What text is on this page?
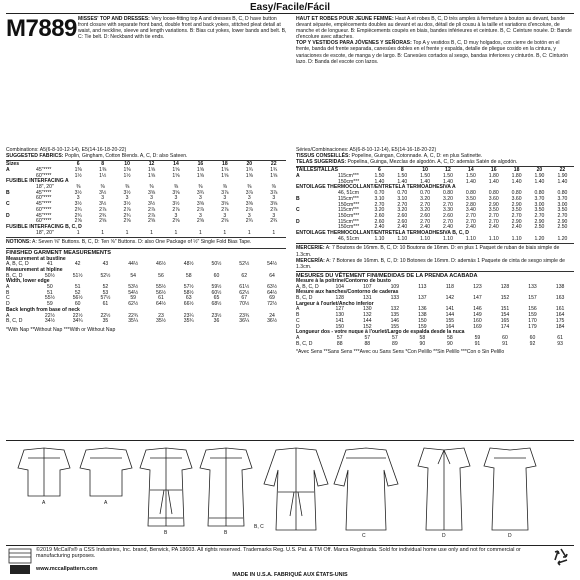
Easy/Facile/Fácil
M7889 MISSES' TOP AND DRESSES: Very loose-fitting top A and dresses B, C, D have button front closure with separate front band, double front and back yokes, stitched pleat detail at waist, and neckline, sleeve and length variations. B: Bias cut yokes, lower bands and belt. B, C: Tie belt. D: Neckband with tie ends.

HAUT ET ROBES POUR JEUNE FEMME: Haut A et robes B, C, D très amples à fermeture à bouton au devant, bande devant séparée, empiècements doubles au devant et au dos, détail de pli cousu à la taille et variations d'encolure, de manche et de longueur. B: Empiècements coupés en biais, bandes inférieures et ceinture. B, C: Ceinture nouée. D: Bande d'encolure avec attaches.

TOP Y VESTIDOS PARA JÓVENES Y SEÑORAS: Top A y vestidos B, C, D muy holgados, con cierre de botón en el frente, banda del frente separada, canesúes dobles en el frente y espalda, detalle de pliegue cosido en la cintura, y variaciones de escote, de manga y de largo. B: Canesúes cortados al sesgo, bandas inferiores y cinturón. B, C: Cinturón lazo. D: Banda del escote con lazos.

Combinations: A5(6-8-10-12-14), E5(14-16-18-20-22)

SUGGESTED FABRICS: Poplin, Gingham, Cotton Blends. A, C, D: also Sateen.

Sizes		6	8	10	12	14	16	18	20	22
A	45"****	1⅜	1⅜	1⅜	1⅝	1⅝	1⅝	1⅝	1¾	1¾
	60"****	1½	1½	1½	1⅝	1⅝	1⅝	1⅝	1⅝	1⅝
FUSIBLE INTERFACING A										
	18", 20"	⅜	⅜	⅜	⅜	⅜	⅜	⅜	⅜	⅜
B	45"****	3½	3½	3½	3⅝	3⅝	3¾	3⅞	3⅞	3⅞
	60"****	3	3	3	3	3	3	3	3	3
C	45"****	3½	3½	3½	3½	3½	3⅝	3⅝	3⅝	3⅝
	60"****	2¾	2⅞	2⅞	2⅞	2⅞	2⅞	2⅞	2⅞	2⅞
D	45"****	2¾	2¾	2¾	2⅞	3	3	3	3	3
	60"****	2⅝	2⅝	2⅝	2⅝	2⅝	2⅝	2⅝	2¾	2¾
FUSIBLE INTERFACING B, C, D										
	18", 20"	1	1	1	1	1	1	1	1	1

NOTIONS: A: Seven ⅝" Buttons. B, C, D: Ten ⅝" Buttons. D: also One Package of ½" Single Fold Bias Tape.

FINISHED GARMENT MEASUREMENTS
Measurement at bustline									
A, B, C, D	41	42	43	44½	46½	48½	50½	52½	54½
Measurement at hipline									
B, C, D	50½	51½	52½	54	56	58	60	62	64
Width, lower edge									
A	50	51	52	53½	55½	57½	59½	61½	63½
B	51	52	53	54½	56½	58½	60½	62½	64½
C	55½	56½	57½	59	61	63	65	67	69
D	59	60	61	62½	64½	66½	68½	70½	72½
Back length from base of neck									
A	22½	22½	22½	22¾	23	23¼	23½	23¾	24
B, C, D	34½	34¾	35	35¼	35½	35¾	36	36¼	36½

*With Nap **Without Nap ***With or Without Nap

Séries/Combinaciones: A5(6-8-10-12-14), E5(14-16-18-20-22)

TISSUS CONSEILLÉS: Popeline, Guingan, Cotonnade. A, C, D: en plus Satinette.

TELAS SUGERIDAS: Popelina, Guinga, Mezclas de algodón. A, C, D: además Satén de algodón.

TAILLES/TALLAS		6	8	10	12	14	16	18	20	22
A	115cm***	1.50	1.50	1.50	1.50	1.50	1.80	1.80	1.90	1.90
	150cm***	1.40	1.40	1.40	1.40	1.40	1.40	1.40	1.40	1.40
ENTOILAGE THERMOCOLLANT/ENTRETELA TERMOADHESIVA A										
	46, 51cm	0.70	0.70	0.70	0.80	0.80	0.80	0.80	0.80	0.80
B	115cm***	3.10	3.10	3.20	3.20	3.50	3.60	3.60	3.70	3.70
	150cm***	2.70	2.70	2.70	2.70	2.80	2.90	2.90	3.00	3.00
C	115cm***	3.20	3.20	3.20	3.30	3.40	3.50	3.50	3.50	3.50
	150cm***	2.60	2.60	2.60	2.60	2.70	2.70	2.70	2.70	2.70
D	115cm***	2.60	2.60	2.70	2.70	2.70	2.70	2.90	2.90	2.90
	150cm***	2.40	2.40	2.40	2.40	2.40	2.40	2.40	2.50	2.50
ENTOILAGE THERMOCOLLANT/ENTRETELA TERMOADHESIVA B, C, D										
	46, 51cm	1.10	1.10	1.10	1.10	1.10	1.10	1.10	1.20	1.20

MERCERIE: A: 7 Boutons de 16mm. B, C, D: 10 Boutons de 16mm. D: en plus 1 Paquet de ruban de biais simple de 1.3cm.

MERCERÍA: A: 7 Botones de 16mm. B, C, D: 10 Botones de 16mm. D: además 1 Paquete de cinta de sesgo simple de 1.3cm.

MESURES DU VÊTEMENT FINI/MEDIDAS DE LA PRENDA ACABADA
Mesure à la poitrine/Contorno de busto									
A, B, C, D	104	107	109	113	118	123	128	133	138
Mesure aux hanches/Contorno de caderas									
B, C, D	128	131	133	137	142	147	152	157	163
Largeur à l'ourlet/Ancho inferior									
A	127	130	132	136	141	146	151	156	161
B	130	132	135	138	144	149	154	159	164
C	141	144	146	150	155	160	165	170	175
D	150	152	155	159	164	169	174	179	184
Longueur dos - votre nuque à l'ourlet/Largo de espalda desde la nuca									
A	57	57	57	58	58	59	60	60	61
B, C, D	88	88	89	90	90	91	91	92	93

*Avec Sens **Sans Sens ***Avec ou Sans Sens *Con Pelillo **Sin Pelillo ***Con o Sin Pelillo

A	A
B	B
B, C
C	D	D
©2019 McCall's® a CSS Industries, Inc. brand, Berwick, PA 18603. All rights reserved. Trademarks Reg. U.S. Pat. & TM Off. Marca Registrada. Sold for individual home use only and not for commercial or manufacturing purposes.
www.mccallpattern.com
MADE IN U.S.A. FABRIQUÉ AUX ÉTATS-UNIS
